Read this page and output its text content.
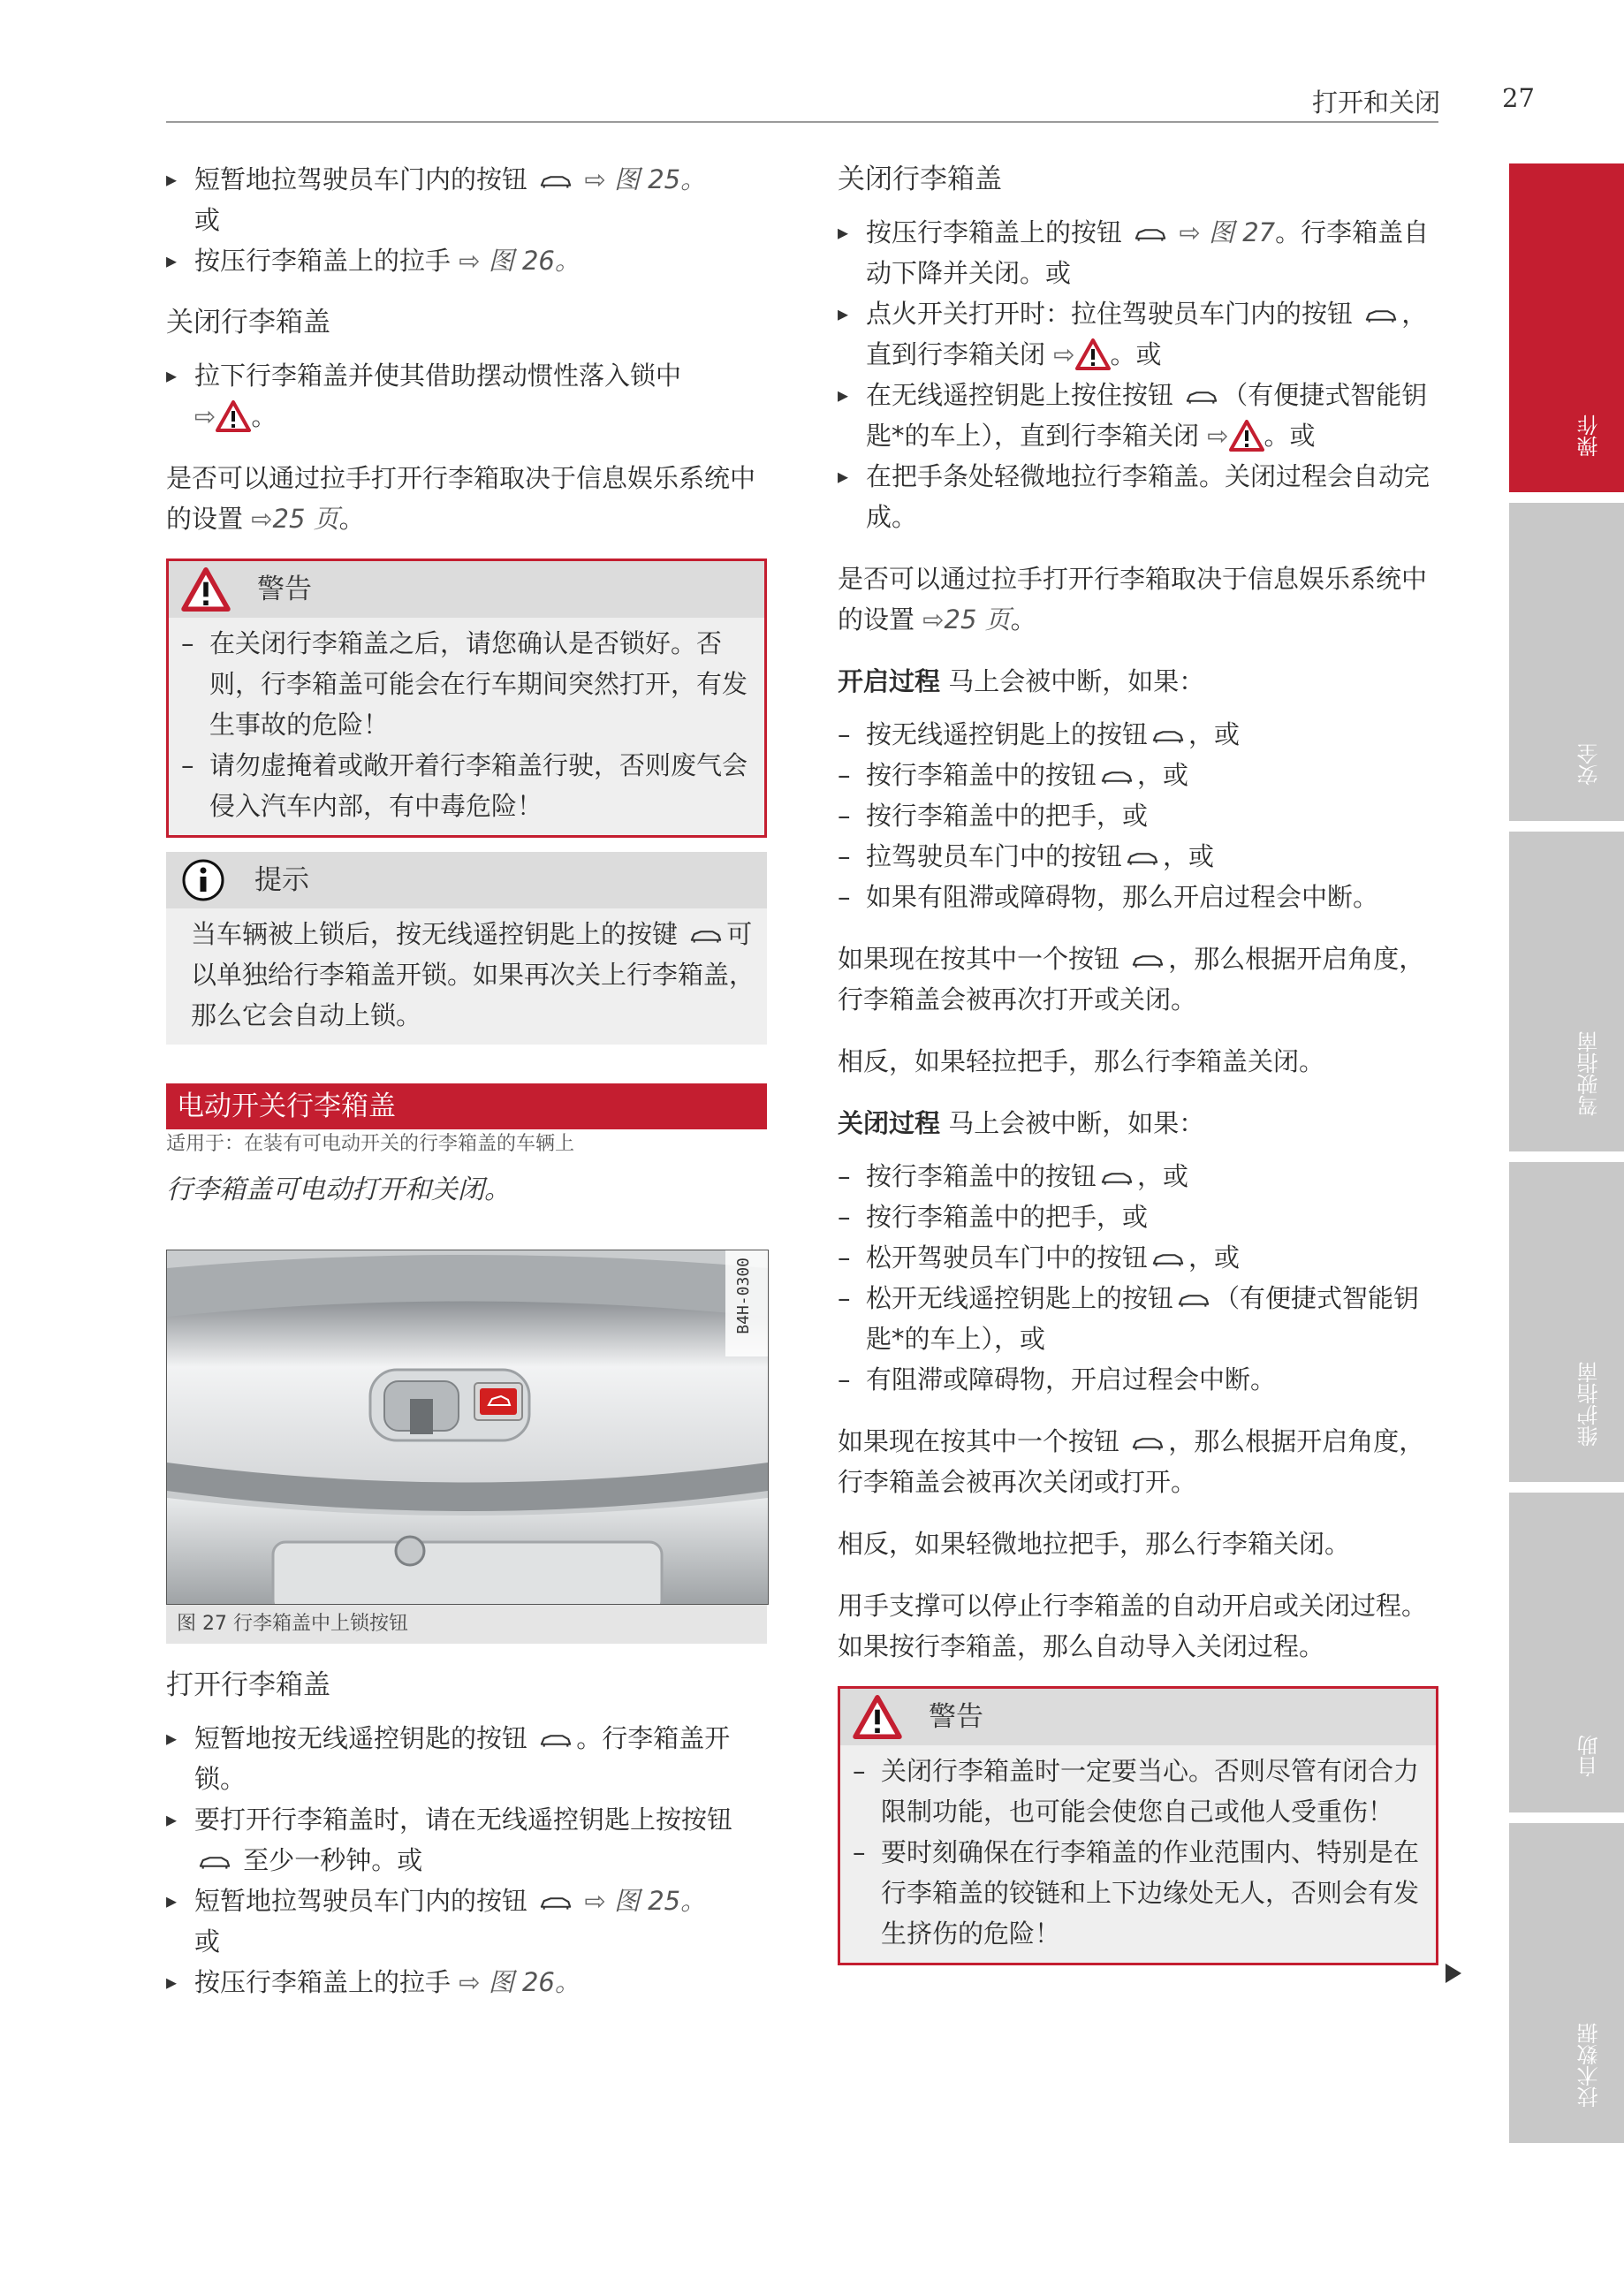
打开和关闭 27

▸ 短暂地拉驾驶员车门内的按钮 ⇨ 图 25。

或

▸ 按压行李箱盖上的拉手 ⇨ 图 26。

关闭行李箱盖

▸ 拉下行李箱盖并使其借助摆动惯性落入锁中
⇨ 。

是否可以通过拉手打开行李箱取决于信息娱乐系统中的设置 ⇨25 页。

警告

– 在关闭行李箱盖之后，请您确认是否锁好。否则，行李箱盖可能会在行车期间突然打开，有发生事故的危险！

– 请勿虚掩着或敞开着行李箱盖行驶，否则废气会侵入汽车内部，有中毒危险！

提示

当车辆被上锁后，按无线遥控钥匙上的按键 可以单独给行李箱盖开锁。如果再次关上行李箱盖，那么它会自动上锁。

电动开关行李箱盖
适用于：在装有可电动开关的行李箱盖的车辆上
行李箱盖可电动打开和关闭。
B4H-0300
图 27 行李箱盖中上锁按钮

打开行李箱盖

▸ 短暂地按无线遥控钥匙的按钮 。行李箱盖开锁。

▸ 要打开行李箱盖时，请在无线遥控钥匙上按按钮  至少一秒钟。或

▸ 短暂地拉驾驶员车门内的按钮 ⇨ 图 25。

或

▸ 按压行李箱盖上的拉手 ⇨ 图 26。

关闭行李箱盖

▸ 按压行李箱盖上的按钮 ⇨ 图 27。行李箱盖自动下降并关闭。或

▸ 点火开关打开时：拉住驾驶员车门内的按钮 ，直到行李箱关闭 ⇨ 。或

▸ 在无线遥控钥匙上按住按钮 （有便捷式智能钥匙*的车上），直到行李箱关闭 ⇨ 。或

▸ 在把手条处轻微地拉行李箱盖。关闭过程会自动完成。

是否可以通过拉手打开行李箱取决于信息娱乐系统中的设置 ⇨25 页。

开启过程 马上会被中断，如果：

– 按无线遥控钥匙上的按钮 ，或

– 按行李箱盖中的按钮 ，或

– 按行李箱盖中的把手，或

– 拉驾驶员车门中的按钮 ，或

– 如果有阻滞或障碍物，那么开启过程会中断。

如果现在按其中一个按钮 ，那么根据开启角度，行李箱盖会被再次打开或关闭。

相反，如果轻拉把手，那么行李箱盖关闭。

关闭过程 马上会被中断，如果：

– 按行李箱盖中的按钮 ，或

– 按行李箱盖中的把手，或

– 松开驾驶员车门中的按钮 ，或

– 松开无线遥控钥匙上的按钮 （有便捷式智能钥匙*的车上），或

– 有阻滞或障碍物，开启过程会中断。

如果现在按其中一个按钮 ，那么根据开启角度，行李箱盖会被再次关闭或打开。

相反，如果轻微地拉把手，那么行李箱关闭。

用手支撑可以停止行李箱盖的自动开启或关闭过程。如果按行李箱盖，那么自动导入关闭过程。

警告

– 关闭行李箱盖时一定要当心。否则尽管有闭合力限制功能，也可能会使您自己或他人受重伤！

– 要时刻确保在行李箱盖的作业范围内、特别是在行李箱盖的铰链和上下边缘处无人，否则会有发生挤伤的危险！

操作
安全
驾驶指南
维护指南
自助
技术数据
